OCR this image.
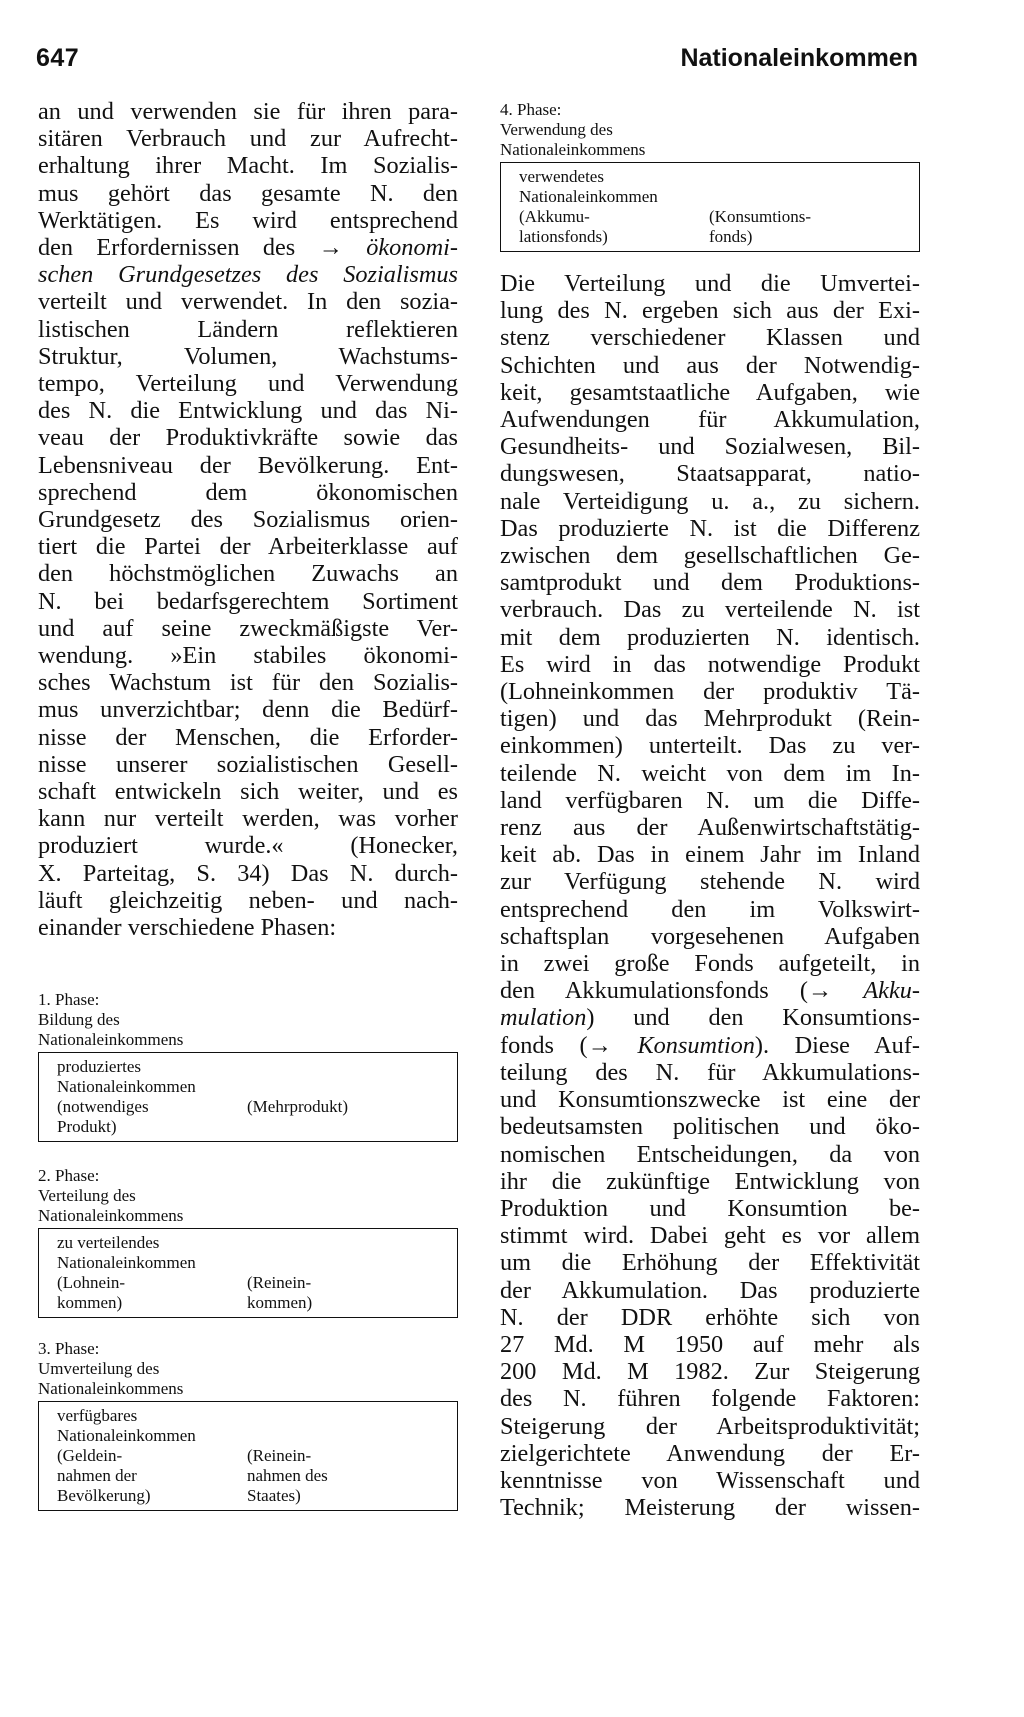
647	Nationaleinkommen

an und verwenden sie für ihren para-
sitären Verbrauch und zur Aufrecht-
erhaltung ihrer Macht. Im Sozialis-
mus gehört das gesamte N. den
Werktätigen. Es wird entsprechend
den Erfordernissen des → ökonomi-
schen Grundgesetzes des Sozialismus
verteilt und verwendet. In den sozia-
listischen Ländern reflektieren
Struktur, Volumen, Wachstums-
tempo, Verteilung und Verwendung
des N. die Entwicklung und das Ni-
veau der Produktivkräfte sowie das
Lebensniveau der Bevölkerung. Ent-
sprechend dem ökonomischen
Grundgesetz des Sozialismus orien-
tiert die Partei der Arbeiterklasse auf
den höchstmöglichen Zuwachs an
N. bei bedarfsgerechtem Sortiment
und auf seine zweckmäßigste Ver-
wendung. »Ein stabiles ökonomi-
sches Wachstum ist für den Sozialis-
mus unverzichtbar; denn die Bedürf-
nisse der Menschen, die Erforder-
nisse unserer sozialistischen Gesell-
schaft entwickeln sich weiter, und es
kann nur verteilt werden, was vorher
produziert wurde.« (Honecker,
X. Parteitag, S. 34) Das N. durch-
läuft gleichzeitig neben- und nach-
einander verschiedene Phasen:

1. Phase:
Bildung des
Nationaleinkommens
produziertes
Nationaleinkommen
(notwendiges
Produkt)
(Mehrprodukt)
2. Phase:
Verteilung des
Nationaleinkommens
zu verteilendes
Nationaleinkommen
(Lohnein-
kommen)
(Reinein-
kommen)
3. Phase:
Umverteilung des
Nationaleinkommens
verfügbares
Nationaleinkommen
(Geldein-
nahmen der
Bevölkerung)
(Reinein-
nahmen des
Staates)
4. Phase:
Verwendung des
Nationaleinkommens
verwendetes
Nationaleinkommen
(Akkumu-
lationsfonds)
(Konsumtions-
fonds)

Die Verteilung und die Umvertei-
lung des N. ergeben sich aus der Exi-
stenz verschiedener Klassen und
Schichten und aus der Notwendig-
keit, gesamtstaatliche Aufgaben, wie
Aufwendungen für Akkumulation,
Gesundheits- und Sozialwesen, Bil-
dungswesen, Staatsapparat, natio-
nale Verteidigung u. a., zu sichern.
Das produzierte N. ist die Differenz
zwischen dem gesellschaftlichen Ge-
samtprodukt und dem Produktions-
verbrauch. Das zu verteilende N. ist
mit dem produzierten N. identisch.
Es wird in das notwendige Produkt
(Lohneinkommen der produktiv Tä-
tigen) und das Mehrprodukt (Rein-
einkommen) unterteilt. Das zu ver-
teilende N. weicht von dem im In-
land verfügbaren N. um die Diffe-
renz aus der Außenwirtschaftstätig-
keit ab. Das in einem Jahr im Inland
zur Verfügung stehende N. wird
entsprechend den im Volkswirt-
schaftsplan vorgesehenen Aufgaben
in zwei große Fonds aufgeteilt, in
den Akkumulationsfonds (→ Akku-
mulation) und den Konsumtions-
fonds (→ Konsumtion). Diese Auf-
teilung des N. für Akkumulations-
und Konsumtionszwecke ist eine der
bedeutsamsten politischen und öko-
nomischen Entscheidungen, da von
ihr die zukünftige Entwicklung von
Produktion und Konsumtion be-
stimmt wird. Dabei geht es vor allem
um die Erhöhung der Effektivität
der Akkumulation. Das produzierte
N. der DDR erhöhte sich von
27 Md. M 1950 auf mehr als
200 Md. M 1982. Zur Steigerung
des N. führen folgende Faktoren:
Steigerung der Arbeitsproduktivität;
zielgerichtete Anwendung der Er-
kenntnisse von Wissenschaft und
Technik; Meisterung der wissen-
